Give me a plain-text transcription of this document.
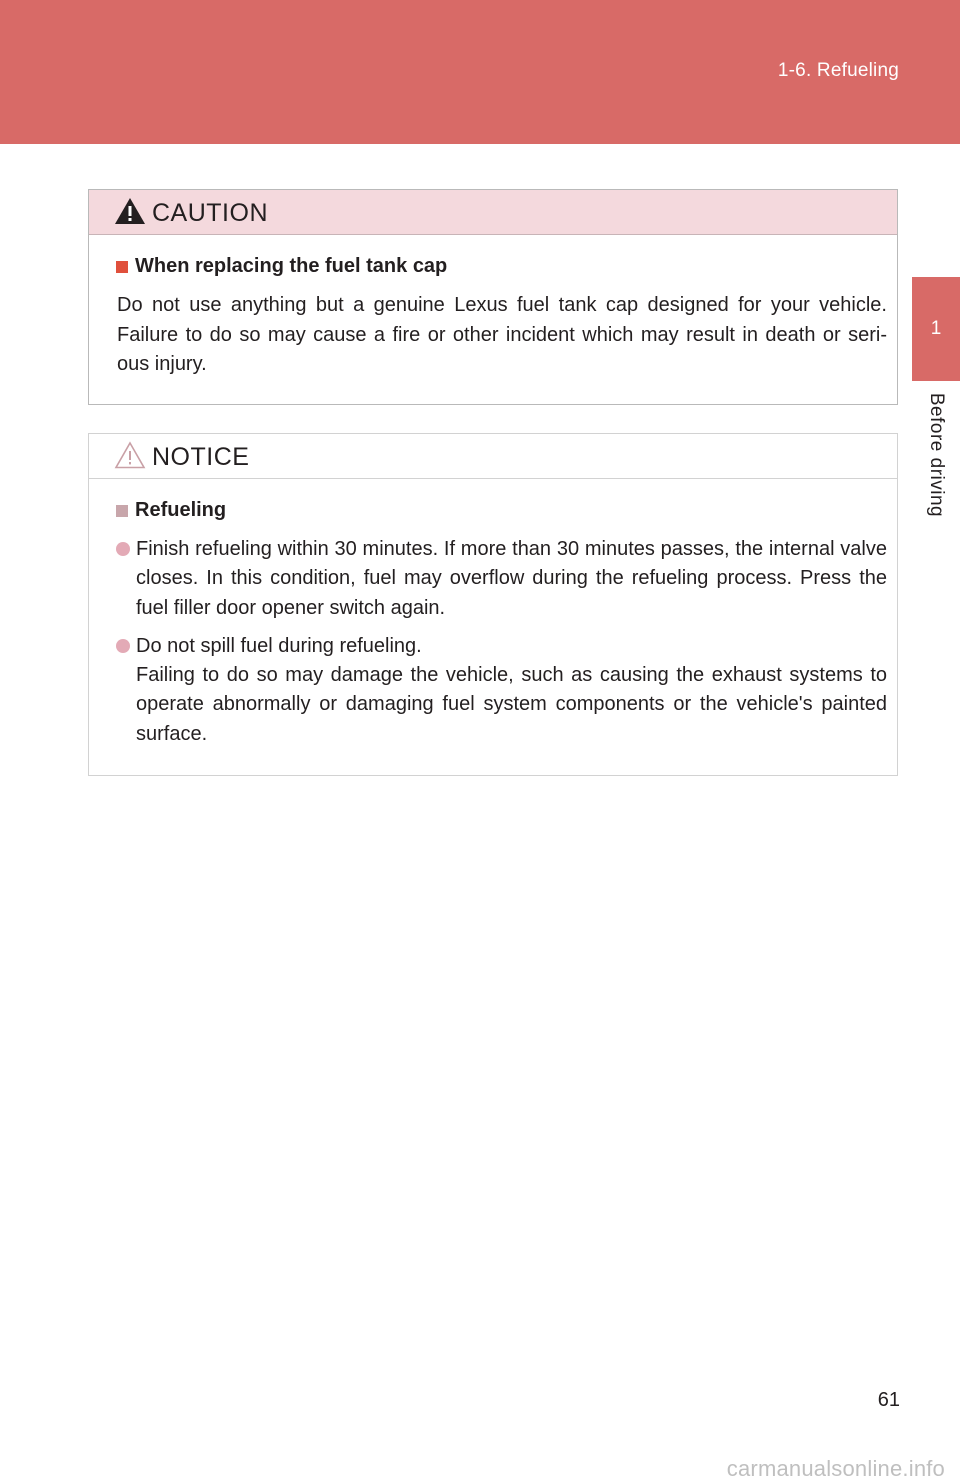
1-6. Refueling
1
Before driving
CAUTION
When replacing the fuel tank cap
Do not use anything but a genuine Lexus fuel tank cap designed for your vehicle. Failure to do so may cause a fire or other incident which may result in death or seri-ous injury.
NOTICE
Refueling
Finish refueling within 30 minutes. If more than 30 minutes passes, the internal valve closes. In this condition, fuel may overflow during the refueling process. Press the fuel filler door opener switch again.
Do not spill fuel during refueling.
Failing to do so may damage the vehicle, such as causing the exhaust systems to operate abnormally or damaging fuel system components or the vehicle's painted surface.
61
carmanualsonline.info
